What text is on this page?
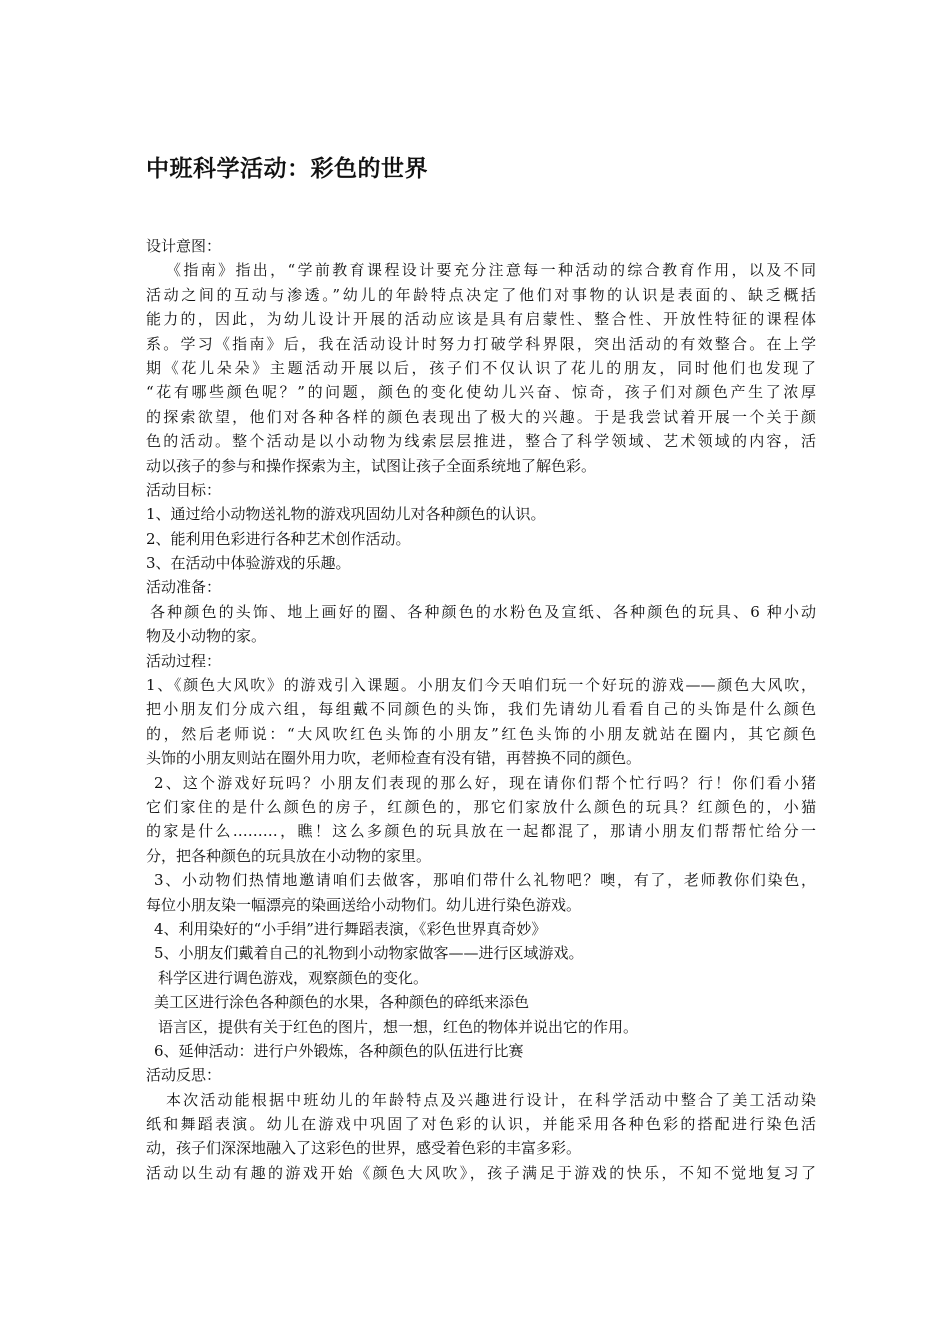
中班科学活动：彩色的世界
设计意图：
《指南》指出，“学前教育课程设计要充分注意每一种活动的综合教育作用，以及不同
活动之间的互动与渗透。”幼儿的年龄特点决定了他们对事物的认识是表面的、缺乏概括
能力的，因此，为幼儿设计开展的活动应该是具有启蒙性、整合性、开放性特征的课程体
系。学习《指南》后，我在活动设计时努力打破学科界限，突出活动的有效整合。在上学
期《花儿朵朵》主题活动开展以后，孩子们不仅认识了花儿的朋友，同时他们也发现了
“花有哪些颜色呢？”的问题，颜色的变化使幼儿兴奋、惊奇，孩子们对颜色产生了浓厚
的探索欲望，他们对各种各样的颜色表现出了极大的兴趣。于是我尝试着开展一个关于颜
色的活动。整个活动是以小动物为线索层层推进，整合了科学领域、艺术领域的内容，活
动以孩子的参与和操作探索为主，试图让孩子全面系统地了解色彩。
活动目标：
1、通过给小动物送礼物的游戏巩固幼儿对各种颜色的认识。
2、能利用色彩进行各种艺术创作活动。
3、在活动中体验游戏的乐趣。
活动准备：
各种颜色的头饰、地上画好的圈、各种颜色的水粉色及宣纸、各种颜色的玩具、6 种小动
物及小动物的家。
活动过程：
1、《颜色大风吹》的游戏引入课题。小朋友们今天咱们玩一个好玩的游戏——颜色大风吹，
把小朋友们分成六组，每组戴不同颜色的头饰，我们先请幼儿看看自己的头饰是什么颜色
的，然后老师说：“大风吹红色头饰的小朋友”红色头饰的小朋友就站在圈内，其它颜色
头饰的小朋友则站在圈外用力吹，老师检查有没有错，再替换不同的颜色。
2、这个游戏好玩吗？小朋友们表现的那么好，现在请你们帮个忙行吗？行！你们看小猪
它们家住的是什么颜色的房子，红颜色的，那它们家放什么颜色的玩具？红颜色的，小猫
的家是什么………，瞧！这么多颜色的玩具放在一起都混了，那请小朋友们帮帮忙给分一
分，把各种颜色的玩具放在小动物的家里。
3、小动物们热情地邀请咱们去做客，那咱们带什么礼物吧？噢，有了，老师教你们染色，
每位小朋友染一幅漂亮的染画送给小动物们。幼儿进行染色游戏。
4、利用染好的“小手绢”进行舞蹈表演，《彩色世界真奇妙》
5、小朋友们戴着自己的礼物到小动物家做客——进行区域游戏。
科学区进行调色游戏，观察颜色的变化。
美工区进行涂色各种颜色的水果，各种颜色的碎纸来添色
语言区，提供有关于红色的图片，想一想，红色的物体并说出它的作用。
6、延伸活动：进行户外锻炼，各种颜色的队伍进行比赛
活动反思：
本次活动能根据中班幼儿的年龄特点及兴趣进行设计，在科学活动中整合了美工活动染
纸和舞蹈表演。幼儿在游戏中巩固了对色彩的认识，并能采用各种色彩的搭配进行染色活
动，孩子们深深地融入了这彩色的世界，感受着色彩的丰富多彩。
活动以生动有趣的游戏开始《颜色大风吹》，孩子满足于游戏的快乐，不知不觉地复习了
